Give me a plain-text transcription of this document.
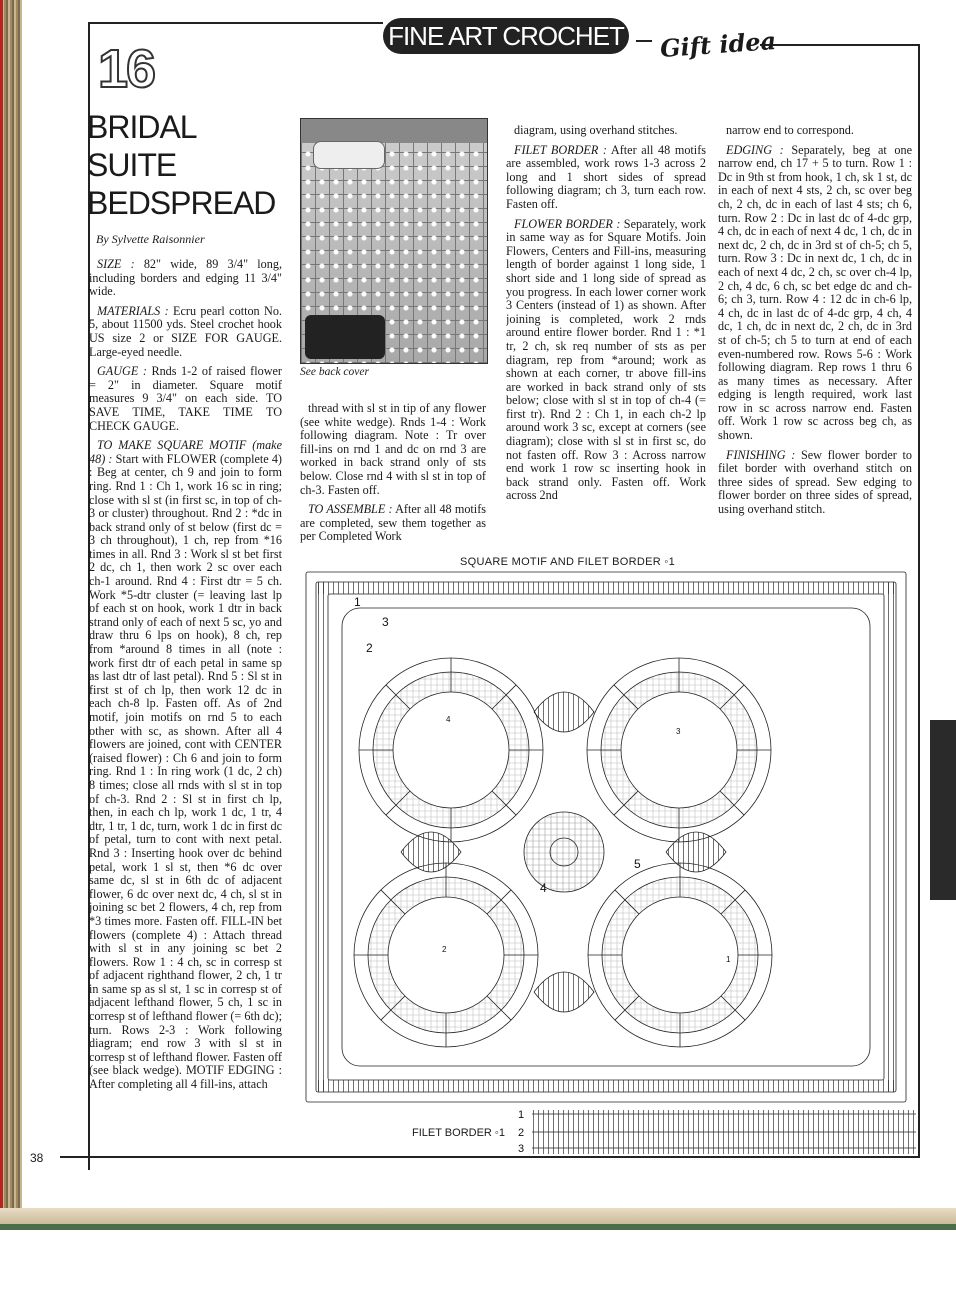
FINE ART CROCHET Gift idea
16
BRIDAL
SUITE
BEDSPREAD
By Sylvette Raisonnier

SIZE : 82" wide, 89 3/4" long, including borders and edging 11 3/4" wide.

MATERIALS : Ecru pearl cotton No. 5, about 11500 yds. Steel crochet hook US size 2 or SIZE FOR GAUGE. Large-eyed needle.

GAUGE : Rnds 1-2 of raised flower = 2" in diameter. Square motif measures 9 3/4" on each side. TO SAVE TIME, TAKE TIME TO CHECK GAUGE.

TO MAKE SQUARE MOTIF (make 48) : Start with FLOWER (complete 4) : Beg at center, ch 9 and join to form ring. Rnd 1 : Ch 1, work 16 sc in ring; close with sl st (in first sc, in top of ch-3 or cluster) throughout. Rnd 2 : *dc in back strand only of st below (first dc = 3 ch throughout), 1 ch, rep from *16 times in all. Rnd 3 : Work sl st bet first 2 dc, ch 1, then work 2 sc over each ch-1 around. Rnd 4 : First dtr = 5 ch. Work *5-dtr cluster (= leaving last lp of each st on hook, work 1 dtr in back strand only of each of next 5 sc, yo and draw thru 6 lps on hook), 8 ch, rep from *around 8 times in all (note : work first dtr of each petal in same sp as last dtr of last petal). Rnd 5 : Sl st in first st of ch lp, then work 12 dc in each ch-8 lp. Fasten off. As of 2nd motif, join motifs on rnd 5 to each other with sc, as shown. After all 4 flowers are joined, cont with CENTER (raised flower) : Ch 6 and join to form ring. Rnd 1 : In ring work (1 dc, 2 ch) 8 times; close all rnds with sl st in top of ch-3. Rnd 2 : Sl st in first ch lp, then, in each ch lp, work 1 dc, 1 tr, 4 dtr, 1 tr, 1 dc, turn, work 1 dc in first dc of petal, turn to cont with next petal. Rnd 3 : Inserting hook over dc behind petal, work 1 sl st, then *6 dc over same dc, sl st in 6th dc of adjacent flower, 6 dc over next dc, 4 ch, sl st in joining sc bet 2 flowers, 4 ch, rep from *3 times more. Fasten off. FILL-IN bet flowers (complete 4) : Attach thread with sl st in any joining sc bet 2 flowers. Row 1 : 4 ch, sc in corresp st of adjacent righthand flower, 2 ch, 1 tr in same sp as sl st, 1 sc in corresp st of adjacent lefthand flower, 5 ch, 1 sc in corresp st of lefthand flower (= 6th dc); turn. Rows 2-3 : Work following diagram; end row 3 with sl st in corresp st of lefthand flower. Fasten off (see black wedge). MOTIF EDGING : After completing all 4 fill-ins, attach

thread with sl st in tip of any flower (see white wedge). Rnds 1-4 : Work following diagram. Note : Tr over fill-ins on rnd 1 and dc on rnd 3 are worked in back strand only of sts below. Close rnd 4 with sl st in top of ch-3. Fasten off.

TO ASSEMBLE : After all 48 motifs are completed, sew them together as per Completed Work

diagram, using overhand stitches.

FILET BORDER : After all 48 motifs are assembled, work rows 1-3 across 2 long and 1 short sides of spread following diagram; ch 3, turn each row. Fasten off.

FLOWER BORDER : Separately, work in same way as for Square Motifs. Join Flowers, Centers and Fill-ins, measuring length of border against 1 long side, 1 short side and 1 long side of spread as you progress. In each lower corner work 3 Centers (instead of 1) as shown. After joining is completed, work 2 rnds around entire flower border. Rnd 1 : *1 tr, 2 ch, sk req number of sts as per diagram, rep from *around; work as shown at each corner, tr above fill-ins are worked in back strand only of sts below; close with sl st in top of ch-4 (= first tr). Rnd 2 : Ch 1, in each ch-2 lp around work 3 sc, except at corners (see diagram); close with sl st in first sc, do not fasten off. Row 3 : Across narrow end work 1 row sc inserting hook in back strand only. Fasten off. Work across 2nd

narrow end to correspond.

EDGING : Separately, beg at one narrow end, ch 17 + 5 to turn. Row 1 : Dc in 9th st from hook, 1 ch, sk 1 st, dc in each of next 4 sts, 2 ch, sc over beg ch, 2 ch, dc in each of last 4 sts; ch 6, turn. Row 2 : Dc in last dc of 4-dc grp, 4 ch, dc in each of next 4 dc, 1 ch, dc in next dc, 2 ch, dc in 3rd st of ch-5; ch 5, turn. Row 3 : Dc in next dc, 1 ch, dc in each of next 4 dc, 2 ch, sc over ch-4 lp, 2 ch, 4 dc, 6 ch, sc bet edge dc and ch-6; ch 3, turn. Row 4 : 12 dc in ch-6 lp, 4 ch, dc in last dc of 4-dc grp, 4 ch, 4 dc, 1 ch, dc in next dc, 2 ch, dc in 3rd st of ch-5; ch 5 to turn at end of each even-numbered row. Rows 5-6 : Work following diagram. Rep rows 1 thru 6 as many times as necessary. After edging is length required, work last row in sc across narrow end. Fasten off. Work 1 row sc across beg ch, as shown.

FINISHING : Sew flower border to filet border with overhand stitch on three sides of spread. Sew edging to flower border on three sides of spread, using overhand stitch.

See back cover
SQUARE MOTIF AND FILET BORDER ◦1
4
3
2
1
1
2
3
4
5
1
2
3
FILET BORDER ◦1
38
